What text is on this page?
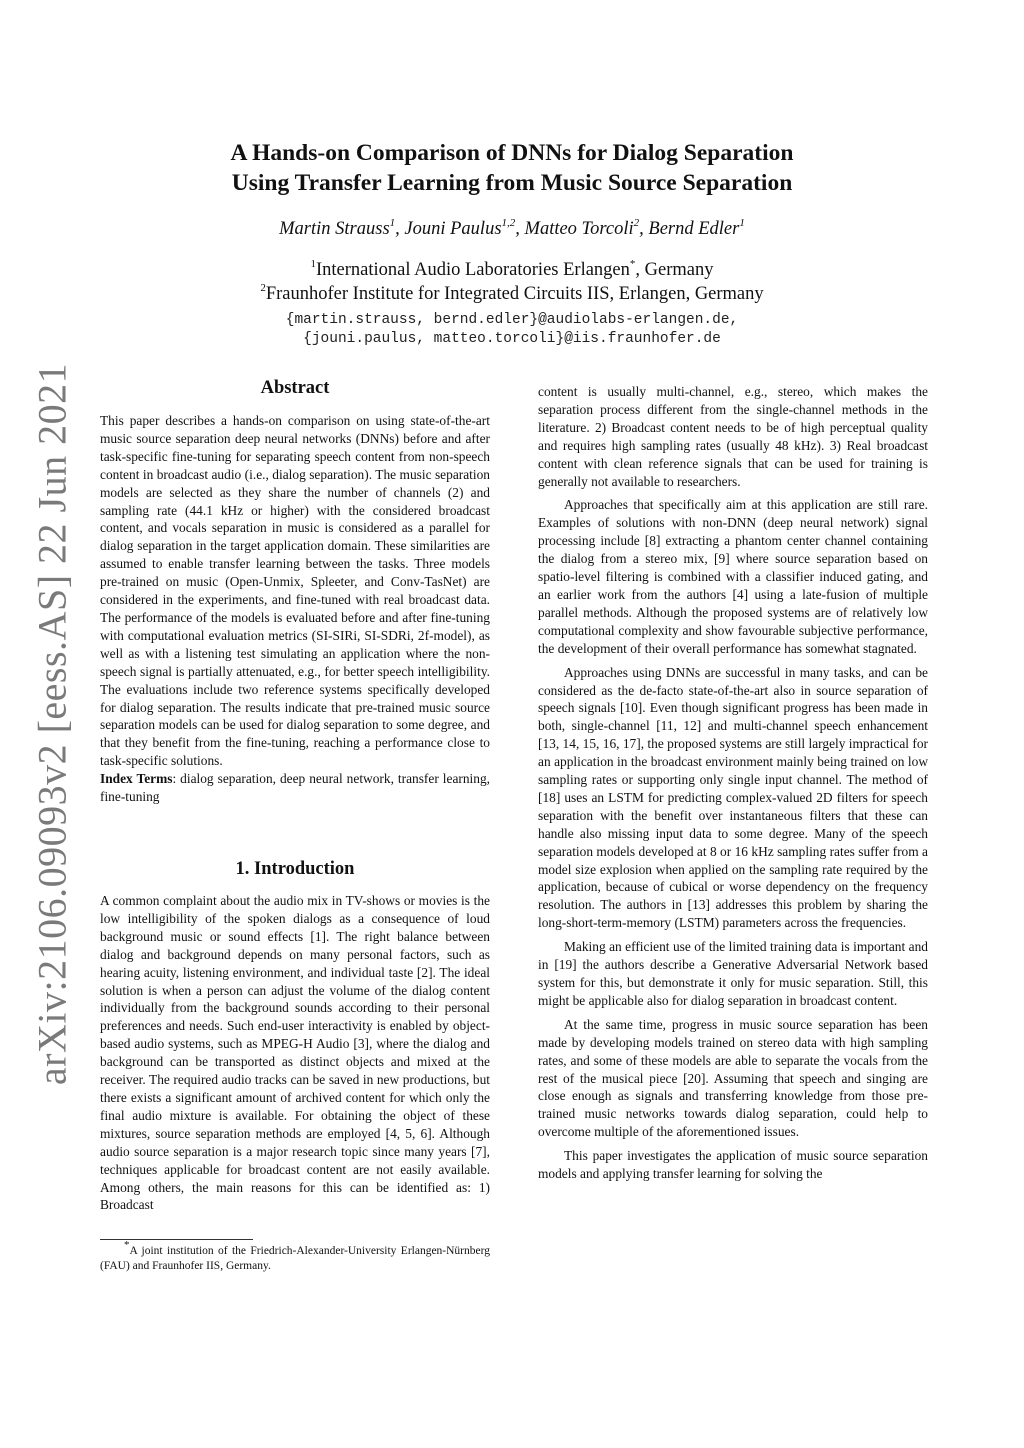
arXiv:2106.09093v2 [eess.AS] 22 Jun 2021
A Hands-on Comparison of DNNs for Dialog Separation
Using Transfer Learning from Music Source Separation
Martin Strauss$^1$, Jouni Paulus$^{1,2}$, Matteo Torcoli$^2$, Bernd Edler$^1$
$^1$International Audio Laboratories Erlangen*, Germany
$^2$Fraunhofer Institute for Integrated Circuits IIS, Erlangen, Germany
{martin.strauss, bernd.edler}@audiolabs-erlangen.de,
{jouni.paulus, matteo.torcoli}@iis.fraunhofer.de
Abstract

This paper describes a hands-on comparison on using state-of-the-art music source separation deep neural networks (DNNs) before and after task-specific fine-tuning for separating speech content from non-speech content in broadcast audio (i.e., dialog separation). The music separation models are selected as they share the number of channels (2) and sampling rate (44.1 kHz or higher) with the considered broadcast content, and vocals separation in music is considered as a parallel for dialog separation in the target application domain. These similarities are assumed to enable transfer learning between the tasks. Three models pre-trained on music (Open-Unmix, Spleeter, and Conv-TasNet) are considered in the experiments, and fine-tuned with real broadcast data. The performance of the models is evaluated before and after fine-tuning with computational evaluation metrics (SI-SIRi, SI-SDRi, 2f-model), as well as with a listening test simulating an application where the non-speech signal is partially attenuated, e.g., for better speech intelligibility. The evaluations include two reference systems specifically developed for dialog separation. The results indicate that pre-trained music source separation models can be used for dialog separation to some degree, and that they benefit from the fine-tuning, reaching a performance close to task-specific solutions.

Index Terms: dialog separation, deep neural network, transfer learning, fine-tuning

1. Introduction

A common complaint about the audio mix in TV-shows or movies is the low intelligibility of the spoken dialogs as a consequence of loud background music or sound effects [1]. The right balance between dialog and background depends on many personal factors, such as hearing acuity, listening environment, and individual taste [2]. The ideal solution is when a person can adjust the volume of the dialog content individually from the background sounds according to their personal preferences and needs. Such end-user interactivity is enabled by object-based audio systems, such as MPEG-H Audio [3], where the dialog and background can be transported as distinct objects and mixed at the receiver. The required audio tracks can be saved in new productions, but there exists a significant amount of archived content for which only the final audio mixture is available. For obtaining the object of these mixtures, source separation methods are employed [4, 5, 6]. Although audio source separation is a major research topic since many years [7], techniques applicable for broadcast content are not easily available. Among others, the main reasons for this can be identified as: 1) Broadcast

*A joint institution of the Friedrich-Alexander-University Erlangen-Nürnberg (FAU) and Fraunhofer IIS, Germany.

content is usually multi-channel, e.g., stereo, which makes the separation process different from the single-channel methods in the literature. 2) Broadcast content needs to be of high perceptual quality and requires high sampling rates (usually 48 kHz). 3) Real broadcast content with clean reference signals that can be used for training is generally not available to researchers.

Approaches that specifically aim at this application are still rare. Examples of solutions with non-DNN (deep neural network) signal processing include [8] extracting a phantom center channel containing the dialog from a stereo mix, [9] where source separation based on spatio-level filtering is combined with a classifier induced gating, and an earlier work from the authors [4] using a late-fusion of multiple parallel methods. Although the proposed systems are of relatively low computational complexity and show favourable subjective performance, the development of their overall performance has somewhat stagnated.

Approaches using DNNs are successful in many tasks, and can be considered as the de-facto state-of-the-art also in source separation of speech signals [10]. Even though significant progress has been made in both, single-channel [11, 12] and multi-channel speech enhancement [13, 14, 15, 16, 17], the proposed systems are still largely impractical for an application in the broadcast environment mainly being trained on low sampling rates or supporting only single input channel. The method of [18] uses an LSTM for predicting complex-valued 2D filters for speech separation with the benefit over instantaneous filters that these can handle also missing input data to some degree. Many of the speech separation models developed at 8 or 16 kHz sampling rates suffer from a model size explosion when applied on the sampling rate required by the application, because of cubical or worse dependency on the frequency resolution. The authors in [13] addresses this problem by sharing the long-short-term-memory (LSTM) parameters across the frequencies.

Making an efficient use of the limited training data is important and in [19] the authors describe a Generative Adversarial Network based system for this, but demonstrate it only for music separation. Still, this might be applicable also for dialog separation in broadcast content.

At the same time, progress in music source separation has been made by developing models trained on stereo data with high sampling rates, and some of these models are able to separate the vocals from the rest of the musical piece [20]. Assuming that speech and singing are close enough as signals and transferring knowledge from those pre-trained music networks towards dialog separation, could help to overcome multiple of the aforementioned issues.

This paper investigates the application of music source separation models and applying transfer learning for solving the
